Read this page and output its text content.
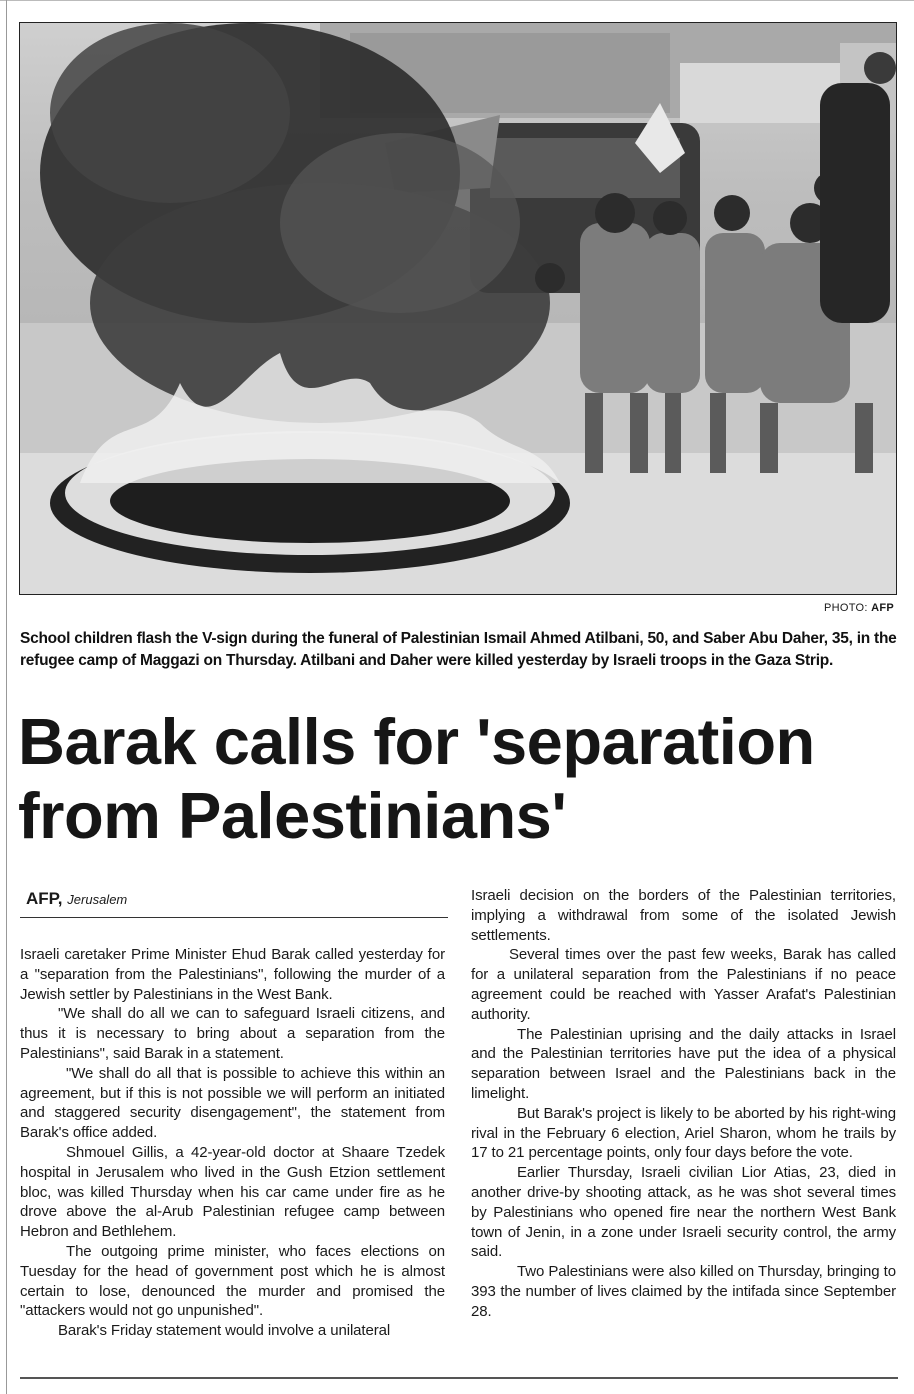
PHOTO: AFP
School children flash the V-sign during the funeral of Palestinian Ismail Ahmed Atilbani, 50, and Saber Abu Daher, 35, in the refugee camp of Maggazi on Thursday. Atilbani and Daher were killed yesterday by Israeli troops in the Gaza Strip.
Barak calls for 'separation from Palestinians'
AFP, Jerusalem

Israeli caretaker Prime Minister Ehud Barak called yesterday for a "separation from the Palestinians", following the murder of a Jewish settler by Palestinians in the West Bank.

"We shall do all we can to safeguard Israeli citizens, and thus it is necessary to bring about a separation from the Palestinians", said Barak in a statement.

"We shall do all that is possible to achieve this within an agreement, but if this is not possible we will perform an initiated and staggered security disengagement", the statement from Barak's office added.

Shmouel Gillis, a 42-year-old doctor at Shaare Tzedek hospital in Jerusalem who lived in the Gush Etzion settlement bloc, was killed Thursday when his car came under fire as he drove above the al-Arub Palestinian refugee camp between Hebron and Bethlehem.

The outgoing prime minister, who faces elections on Tuesday for the head of government post which he is almost certain to lose, denounced the murder and promised the "attackers would not go unpunished".

Barak's Friday statement would involve a unilateral

Israeli decision on the borders of the Palestinian territories, implying a withdrawal from some of the isolated Jewish settlements.

Several times over the past few weeks, Barak has called for a unilateral separation from the Palestinians if no peace agreement could be reached with Yasser Arafat's Palestinian authority.

The Palestinian uprising and the daily attacks in Israel and the Palestinian territories have put the idea of a physical separation between Israel and the Palestinians back in the limelight.

But Barak's project is likely to be aborted by his right-wing rival in the February 6 election, Ariel Sharon, whom he trails by 17 to 21 percentage points, only four days before the vote.

Earlier Thursday, Israeli civilian Lior Atias, 23, died in another drive-by shooting attack, as he was shot several times by Palestinians who opened fire near the northern West Bank town of Jenin, in a zone under Israeli security control, the army said.

Two Palestinians were also killed on Thursday, bringing to 393 the number of lives claimed by the intifada since September 28.
